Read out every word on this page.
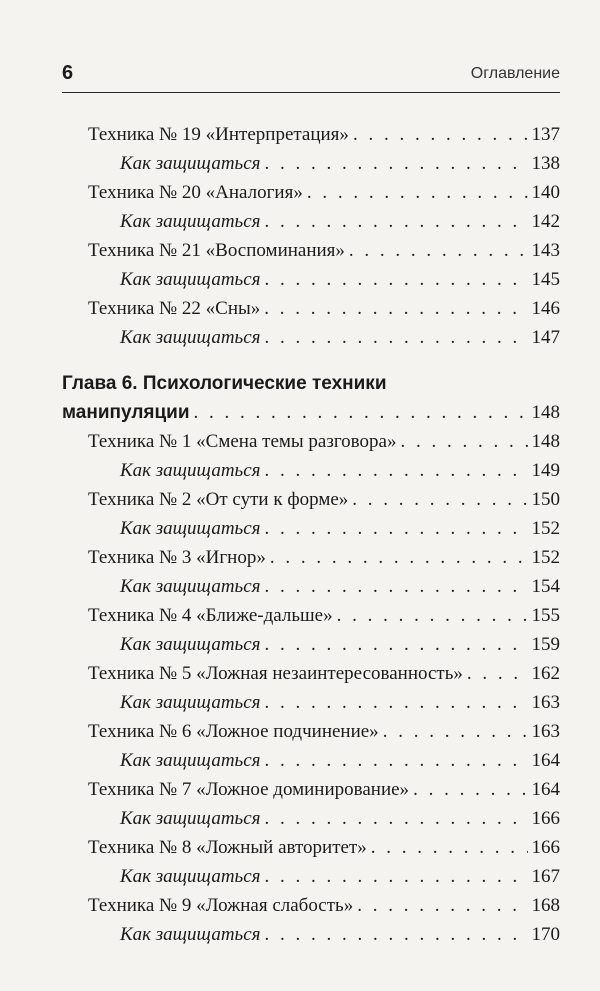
6	Оглавление
Техника № 19 «Интерпретация» . . .	137
Как защищаться . . .	138
Техника № 20 «Аналогия» . . .	140
Как защищаться . . .	142
Техника № 21 «Воспоминания» . . .	143
Как защищаться . . .	145
Техника № 22 «Сны» . . .	146
Как защищаться . . .	147
Глава 6. Психологические техники
манипуляции . . .	148
Техника № 1 «Смена темы разговора» . . .	148
Как защищаться . . .	149
Техника № 2 «От сути к форме» . . .	150
Как защищаться . . .	152
Техника № 3 «Игнор» . . .	152
Как защищаться . . .	154
Техника № 4 «Ближе-дальше» . . .	155
Как защищаться . . .	159
Техника № 5 «Ложная незаинтересованность» . . .	162
Как защищаться . . .	163
Техника № 6 «Ложное подчинение» . . .	163
Как защищаться . . .	164
Техника № 7 «Ложное доминирование» . . .	164
Как защищаться . . .	166
Техника № 8 «Ложный авторитет» . . .	166
Как защищаться . . .	167
Техника № 9 «Ложная слабость» . . .	168
Как защищаться . . .	170
